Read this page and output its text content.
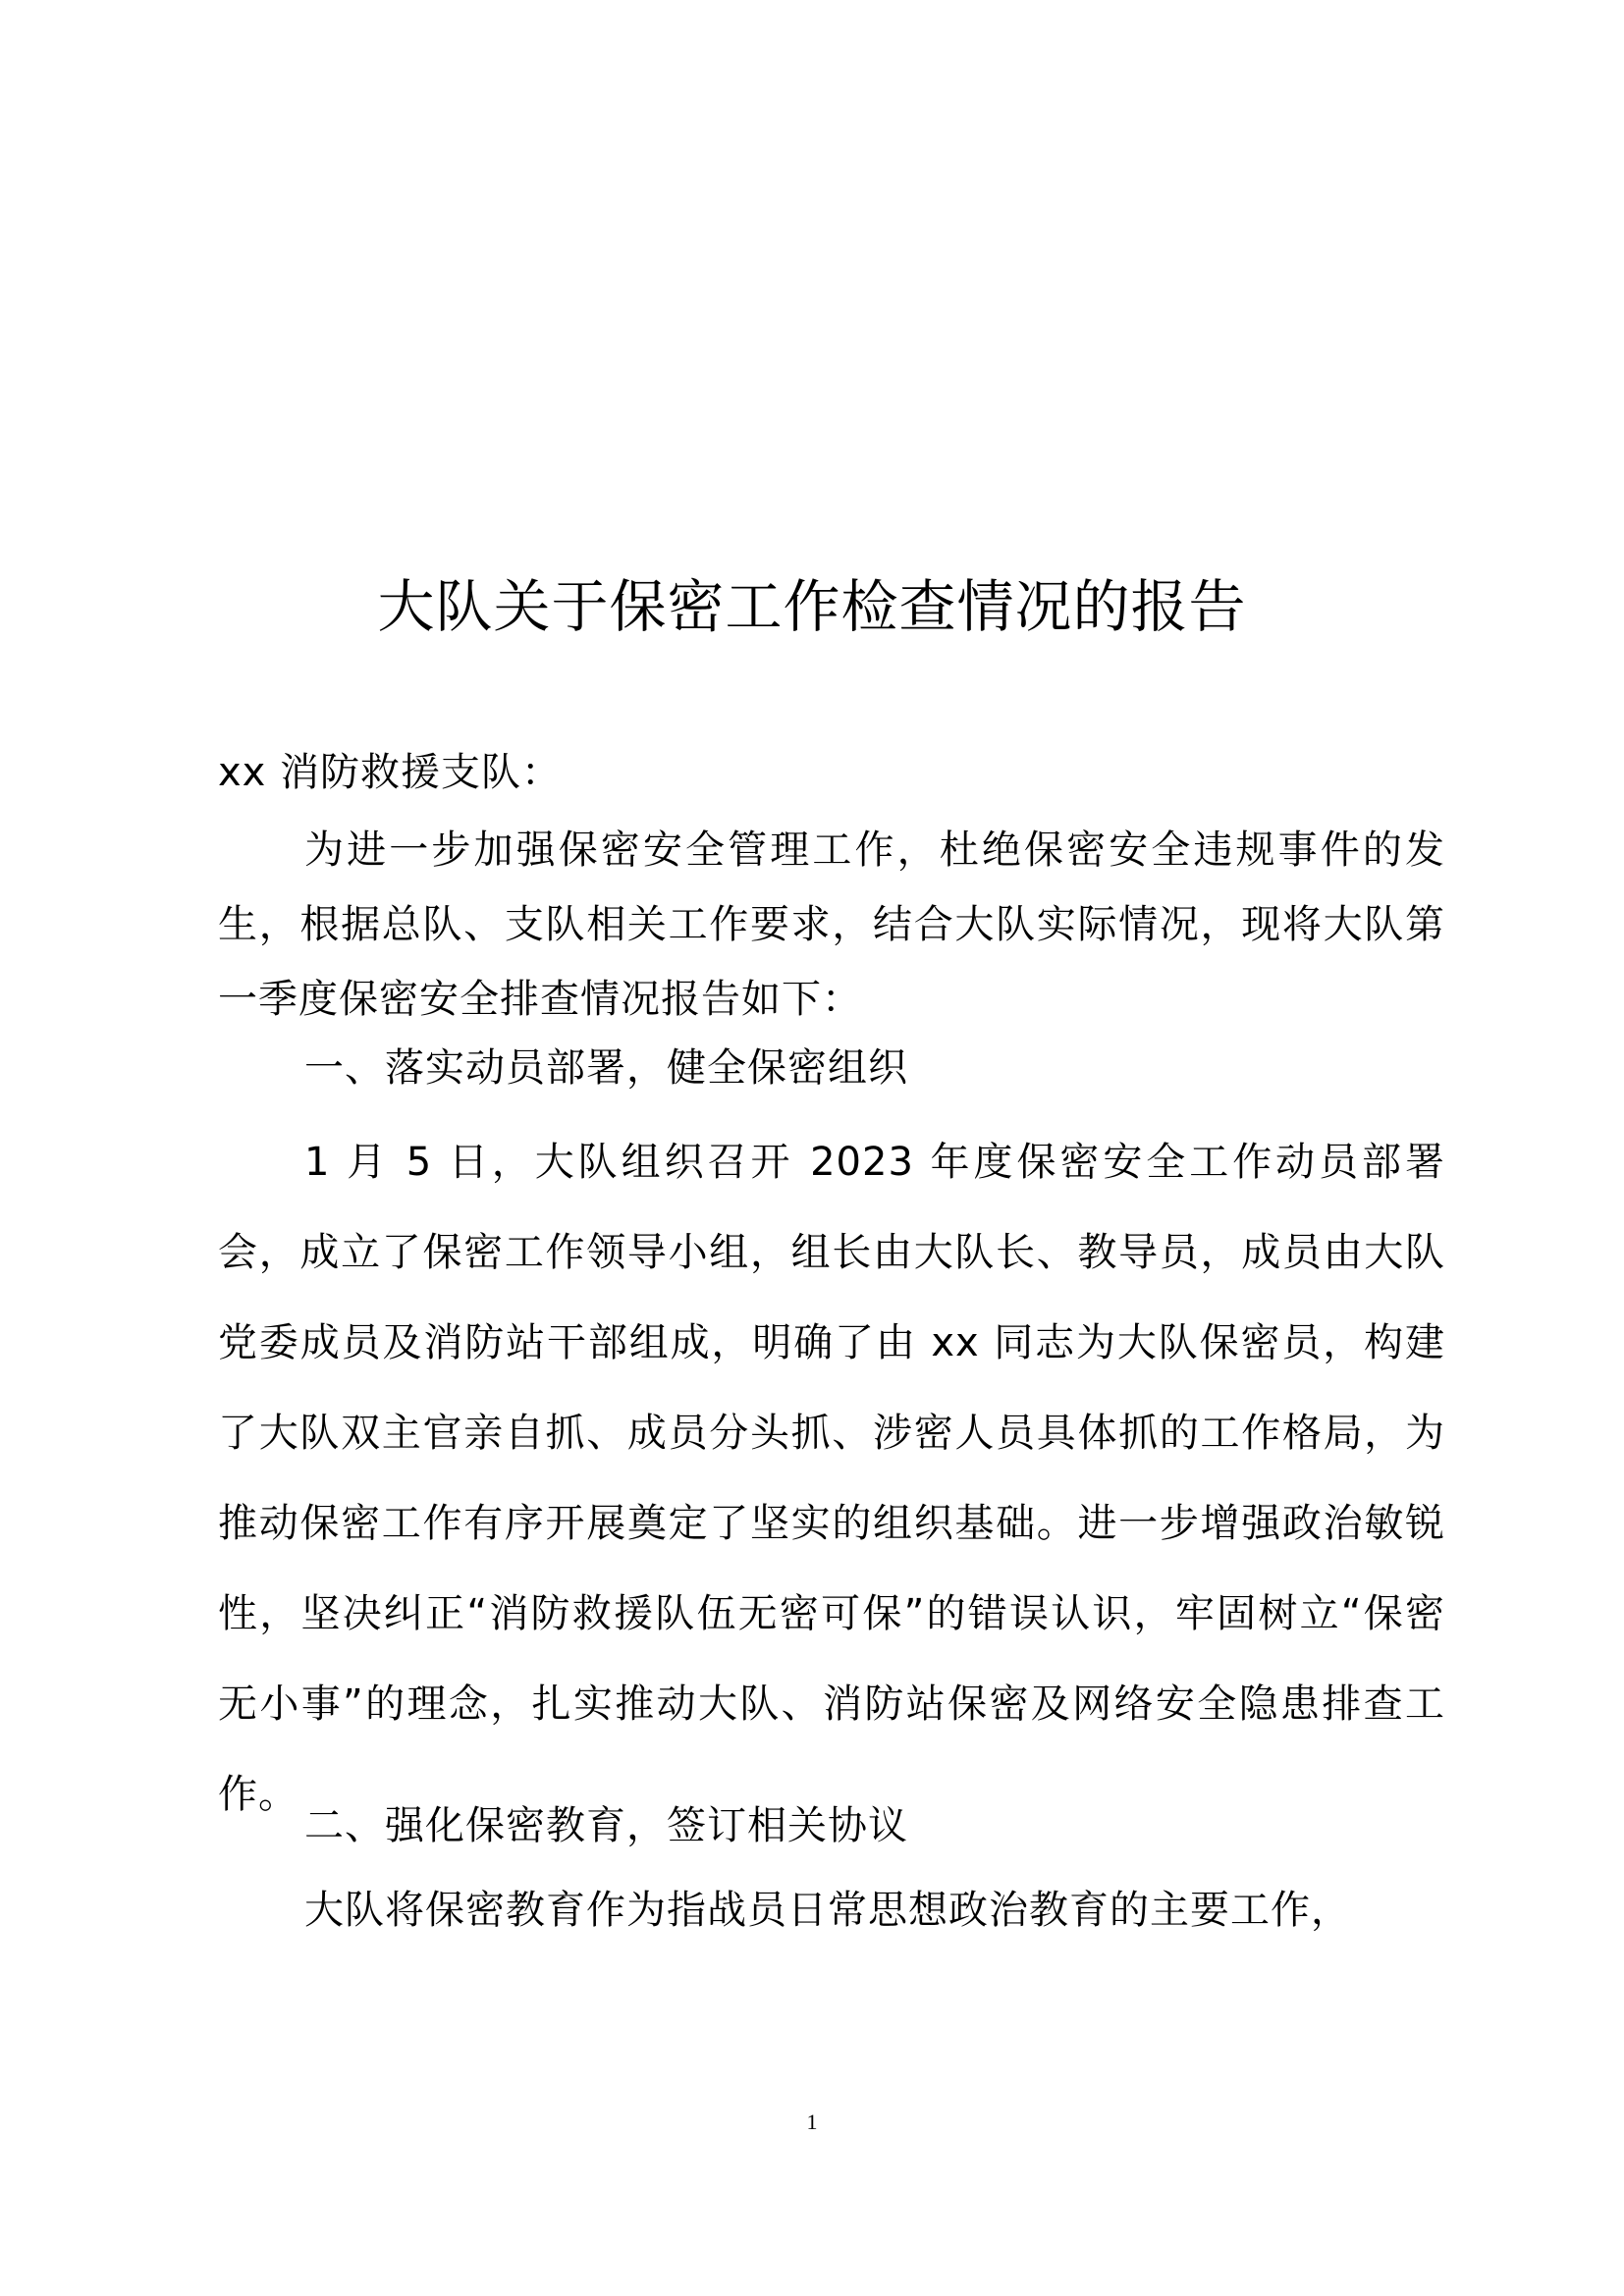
大队关于保密工作检查情况的报告
xx 消防救援支队：
为进一步加强保密安全管理工作，杜绝保密安全违规事件的发生，根据总队、支队相关工作要求，结合大队实际情况，现将大队第一季度保密安全排查情况报告如下：
一、落实动员部署，健全保密组织
1 月 5 日，大队组织召开 2023 年度保密安全工作动员部署会，成立了保密工作领导小组，组长由大队长、教导员，成员由大队党委成员及消防站干部组成，明确了由 xx 同志为大队保密员，构建了大队双主官亲自抓、成员分头抓、涉密人员具体抓的工作格局，为推动保密工作有序开展奠定了坚实的组织基础。进一步增强政治敏锐性，坚决纠正“消防救援队伍无密可保”的错误认识，牢固树立“保密无小事”的理念，扎实推动大队、消防站保密及网络安全隐患排查工作。
二、强化保密教育，签订相关协议
大队将保密教育作为指战员日常思想政治教育的主要工作，
1
